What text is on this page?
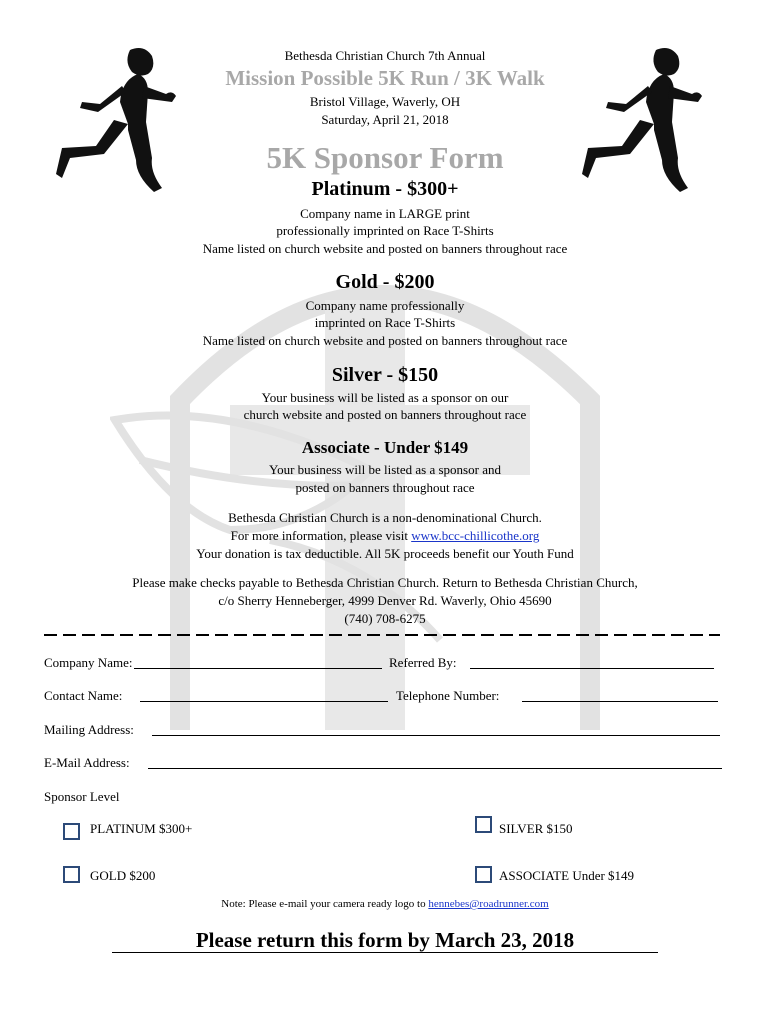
Bethesda Christian Church 7th Annual
Mission Possible 5K Run / 3K Walk
Bristol Village, Waverly, OH
Saturday, April 21, 2018
5K Sponsor Form
Platinum - $300+
Company name in LARGE print
professionally imprinted on Race T-Shirts
Name listed on church website and posted on banners throughout race
Gold - $200
Company name professionally
imprinted on Race T-Shirts
Name listed on church website and posted on banners throughout race
Silver - $150
Your business will be listed as a sponsor on our
church website and posted on banners throughout race
Associate - Under $149
Your business will be listed as a sponsor and
posted on banners throughout race
Bethesda Christian Church is a non-denominational Church.
For more information, please visit www.bcc-chillicothe.org
Your donation is tax deductible. All 5K proceeds benefit our Youth Fund
Please make checks payable to Bethesda Christian Church. Return to Bethesda Christian Church,
c/o Sherry Henneberger, 4999 Denver Rd. Waverly, Ohio 45690
(740) 708-6275
Company Name:	Referred By:
Contact Name:	Telephone Number:
Mailing Address:
E-Mail Address:
Sponsor Level
PLATINUM $300+	SILVER $150
GOLD $200	ASSOCIATE Under $149
Note: Please e-mail your camera ready logo to hennebes@roadrunner.com
Please return this form by March 23, 2018
